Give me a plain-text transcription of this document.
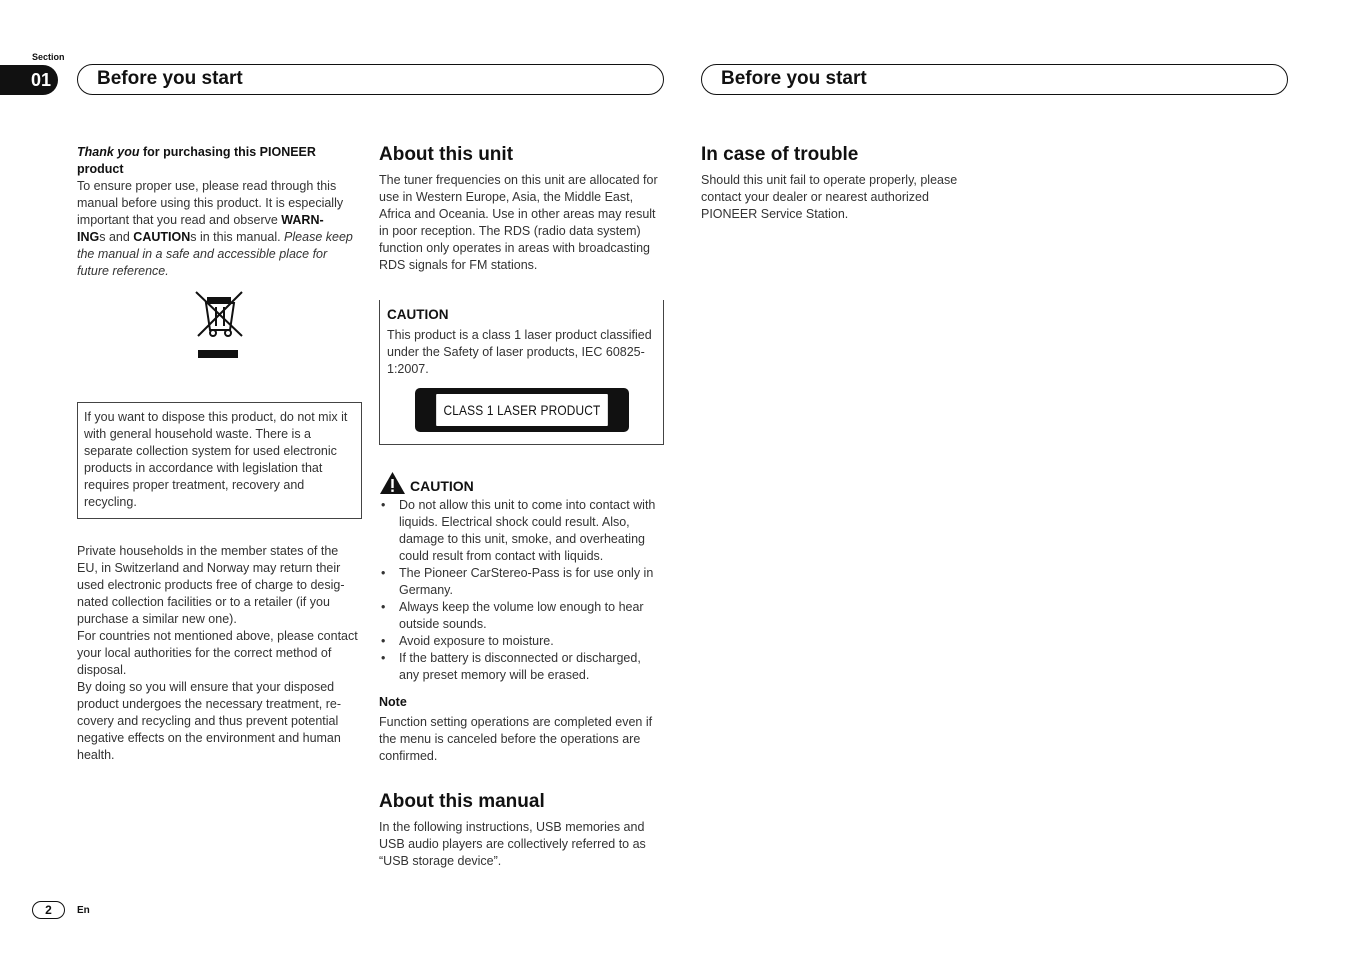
Section
01	Before you start	Before you start
Thank you for purchasing this PIONEER product

To ensure proper use, please read through this manual before using this product. It is especially important that you read and observe WARN-
INGs and CAUTIONs in this manual. Please keep the manual in a safe and accessible place for future reference.

If you want to dispose this product, do not mix it with general household waste. There is a separate collection system for used electronic products in accordance with legislation that requires proper treatment, recovery and recycling.

Private households in the member states of the EU, in Switzerland and Norway may return their used electronic products free of charge to designated collection facilities or to a retailer (if you purchase a similar new one).

For countries not mentioned above, please contact your local authorities for the correct method of disposal.

By doing so you will ensure that your disposed product undergoes the necessary treatment, recovery and recycling and thus prevent potential negative effects on the environment and human health.

About this unit

The tuner frequencies on this unit are allocated for use in Western Europe, Asia, the Middle East, Africa and Oceania. Use in other areas may result in poor reception. The RDS (radio data system) function only operates in areas with broadcasting RDS signals for FM stations.

CAUTION

This product is a class 1 laser product classified under the Safety of laser products, IEC 60825-1:2007.

CLASS 1 LASER PRODUCT
CAUTION
• Do not allow this unit to come into contact with liquids. Electrical shock could result. Also, damage to this unit, smoke, and overheating could result from contact with liquids.
• The Pioneer CarStereo-Pass is for use only in Germany.
• Always keep the volume low enough to hear outside sounds.
• Avoid exposure to moisture.
• If the battery is disconnected or discharged, any preset memory will be erased.
Note

Function setting operations are completed even if the menu is canceled before the operations are confirmed.

About this manual

In the following instructions, USB memories and USB audio players are collectively referred to as “USB storage device”.

In case of trouble

Should this unit fail to operate properly, please contact your dealer or nearest authorized PIONEER Service Station.

2	En
